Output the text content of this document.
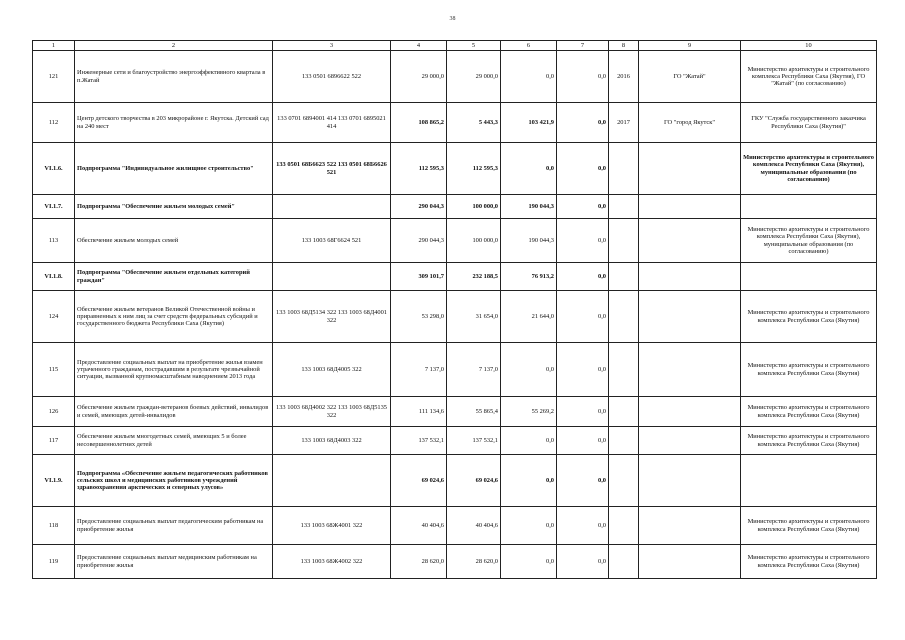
38
1	2	3	4	5	6	7	8	9	10
121	Инженерные сети и благоустройство энергоэффективного квартала в п.Жатай	133 0501 6896622 522	29 000,0	29 000,0	0,0	0,0	2016	ГО "Жатай"	Министерство архитектуры и строительного комплекса Республики Саха (Якутия), ГО "Жатай" (по согласованию)
112	Центр детского творчества в 203 микрорайоне г. Якутска. Детский сад на 240 мест	133 0701 6894001 414 133 0701 6895021 414	108 865,2	5 443,3	103 421,9	0,0	2017	ГО "город Якутск"	ГКУ "Служба государственного заказчика Республики Саха (Якутия)"
VI.1.6.	Подпрограмма "Индивидуальное жилищное строительство"	133 0501 68Б6623 522 133 0501 68Б6626 521	112 595,3	112 595,3	0,0	0,0			Министерство архитектуры и строительного комплекса Республики Саха (Якутия), муниципальные образования (по согласованию)
VI.1.7.	Подпрограмма "Обеспечение жильем молодых семей"		290 044,3	100 000,0	190 044,3	0,0			
113	Обеспечение жильем молодых семей	133 1003 68Г6624 521	290 044,3	100 000,0	190 044,3	0,0			Министерство архитектуры и строительного комплекса Республики Саха (Якутия), муниципальные образования (по согласованию)
VI.1.8.	Подпрограмма "Обеспечение жильем отдельных категорий граждан"		309 101,7	232 188,5	76 913,2	0,0			
124	Обеспечение жильем ветеранов Великой Отечественной войны и приравненных к ним лиц за счет средств федеральных субсидий и государственного бюджета Республики Саха (Якутия)	133 1003 68Д5134 322 133 1003 68Д4001 322	53 298,0	31 654,0	21 644,0	0,0			Министерство архитектуры и строительного комплекса Республики Саха (Якутия)
115	Предоставление социальных выплат на приобретение жилья взамен утраченного гражданам, пострадавшим в результате чрезвычайной ситуации, вызванной крупномасштабным наводнением 2013 года	133 1003 68Д4005 322	7 137,0	7 137,0	0,0	0,0			Министерство архитектуры и строительного комплекса Республики Саха (Якутия)
126	Обеспечение жильем граждан-ветеранов боевых действий, инвалидов и семей, имеющих детей-инвалидов	133 1003 68Д4002 322 133 1003 68Д5135 322	111 134,6	55 865,4	55 269,2	0,0			Министерство архитектуры и строительного комплекса Республики Саха (Якутия)
117	Обеспечение жильем многодетных семей, имеющих 5 и более несовершеннолетних детей	133 1003 68Д4003 322	137 532,1	137 532,1	0,0	0,0			Министерство архитектуры и строительного комплекса Республики Саха (Якутия)
VI.1.9.	Подпрограмма «Обеспечение жильем педагогических работников сельских школ и медицинских работников учреждений здравоохранения арктических и северных улусов»		69 024,6	69 024,6	0,0	0,0			
118	Предоставление социальных выплат педагогическим работникам на приобретение жилья	133 1003 68Ж4001 322	40 404,6	40 404,6	0,0	0,0			Министерство архитектуры и строительного комплекса Республики Саха (Якутия)
119	Предоставление социальных выплат медицинским работникам на приобретение жилья	133 1003 68Ж4002 322	28 620,0	28 620,0	0,0	0,0			Министерство архитектуры и строительного комплекса Республики Саха (Якутия)
